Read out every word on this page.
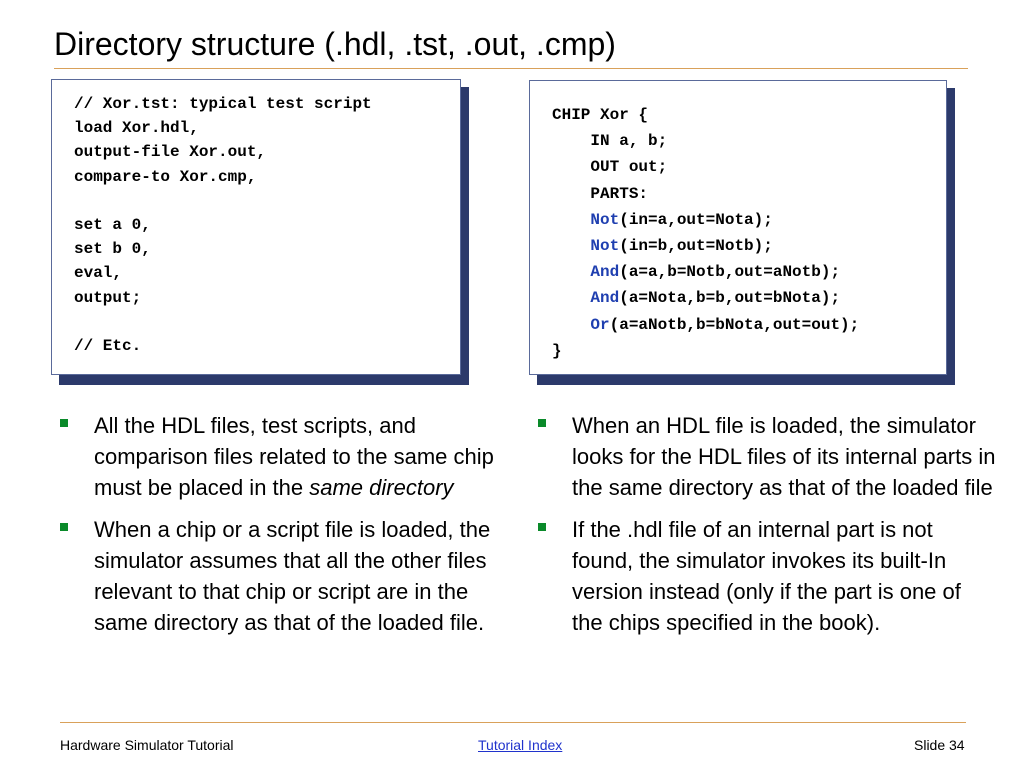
Directory structure (.hdl, .tst, .out, .cmp)
// Xor.tst: typical test script
load Xor.hdl,
output-file Xor.out,
compare-to Xor.cmp,

set a 0,
set b 0,
eval,
output;

// Etc.
CHIP Xor {
IN a, b;
OUT out;
PARTS:
Not(in=a,out=Nota);
Not(in=b,out=Notb);
And(a=a,b=Notb,out=aNotb);
And(a=Nota,b=b,out=bNota);
Or(a=aNotb,b=bNota,out=out);
}
All the HDL files, test scripts, and comparison files related to the same chip must be placed in the same directory
When a chip or a script file is loaded, the simulator assumes that all the other files relevant to that chip or script are in the same directory as that of the loaded file.
When an HDL file is loaded, the simulator looks for the HDL files of its internal parts in the same directory as that of the loaded file
If the .hdl file of an internal part is not found, the simulator invokes its built-In version instead (only if the part is one of the chips specified in the book).
Hardware Simulator Tutorial	Tutorial Index	Slide 34
